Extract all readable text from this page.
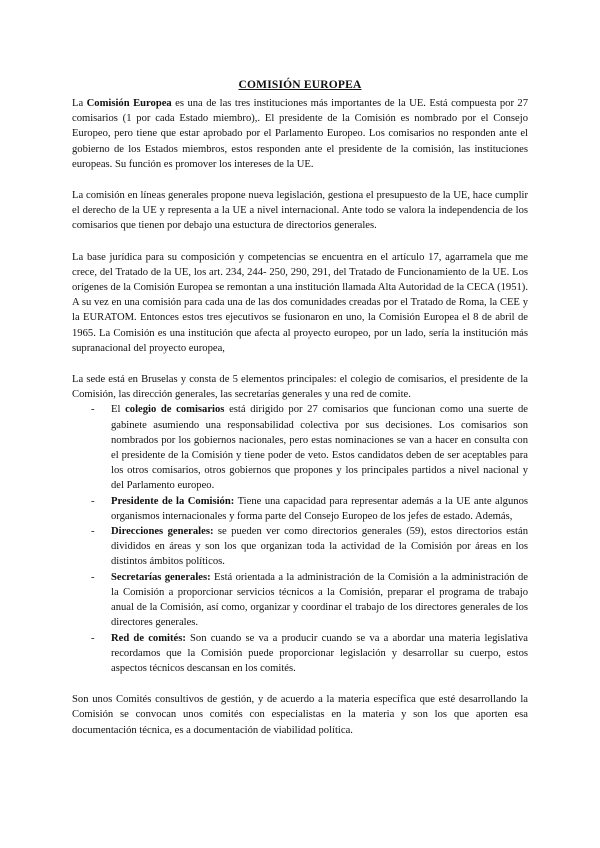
COMISIÓN EUROPEA

La Comisión Europea es una de las tres instituciones más importantes de la UE. Está compuesta por 27 comisarios (1 por cada Estado miembro),. El presidente de la Comisión es nombrado por el Consejo Europeo, pero tiene que estar aprobado por el Parlamento Europeo. Los comisarios no responden ante el gobierno de los Estados miembros, estos responden ante el presidente de la comisión, las instituciones europeas. Su función es promover los intereses de la UE.

La comisión en líneas generales propone nueva legislación, gestiona el presupuesto de la UE, hace cumplir el derecho de la UE y representa a la UE a nivel internacional. Ante todo se valora la independencia de los comisarios que tienen por debajo una estuctura de directorios generales.

La base jurídica para su composición y competencias se encuentra en el artículo 17, agarramela que me crece, del Tratado de la UE, los art. 234, 244- 250, 290, 291, del Tratado de Funcionamiento de la UE. Los orígenes de la Comisión Europea se remontan a una institución llamada Alta Autoridad de la CECA (1951). A su vez en una comisión para cada una de las dos comunidades creadas por el Tratado de Roma, la CEE y la EURATOM. Entonces estos tres ejecutivos se fusionaron en uno, la Comisión Europea el 8 de abril de 1965. La Comisión es una institución que afecta al proyecto europeo, por un lado, sería la institución más supranacional del proyecto europea,

La sede está en Bruselas y consta de 5 elementos principales: el colegio de comisarios, el presidente de la Comisión, las dirección generales, las secretarías generales y una red de comite.

- El colegio de comisarios está dirigido por 27 comisarios que funcionan como una suerte de gabinete asumiendo una responsabilidad colectiva por sus decisiones. Los comisarios son nombrados por los gobiernos nacionales, pero estas nominaciones se van a hacer en consulta con el presidente de la Comisión y tiene poder de veto. Estos candidatos deben de ser aceptables para los otros comisarios, otros gobiernos que propones y los principales partidos a nivel nacional y del Parlamento europeo.
- Presidente de la Comisión: Tiene una capacidad para representar además a la UE ante algunos organismos internacionales y forma parte del Consejo Europeo de los jefes de estado. Además,
- Direcciones generales: se pueden ver como directorios generales (59), estos directorios están divididos en áreas y son los que organizan toda la actividad de la Comisión por áreas en los distintos ámbitos políticos.
- Secretarías generales: Está orientada a la administración de la Comisión a la administración de la Comisión a proporcionar servicios técnicos a la Comisión, preparar el programa de trabajo anual de la Comisión, así como, organizar y coordinar el trabajo de los directores generales de los directores generales.
- Red de comités: Son cuando se va a producir cuando se va a abordar una materia legislativa recordamos que la Comisión puede proporcionar legislación y desarrollar su cuerpo, estos aspectos técnicos descansan en los comités.

Son unos Comités consultivos de gestión, y de acuerdo a la materia específica que esté desarrollando la Comisión se convocan unos comités con especialistas en la materia y son los que aporten esa documentación técnica, es a documentación de viabilidad política.
